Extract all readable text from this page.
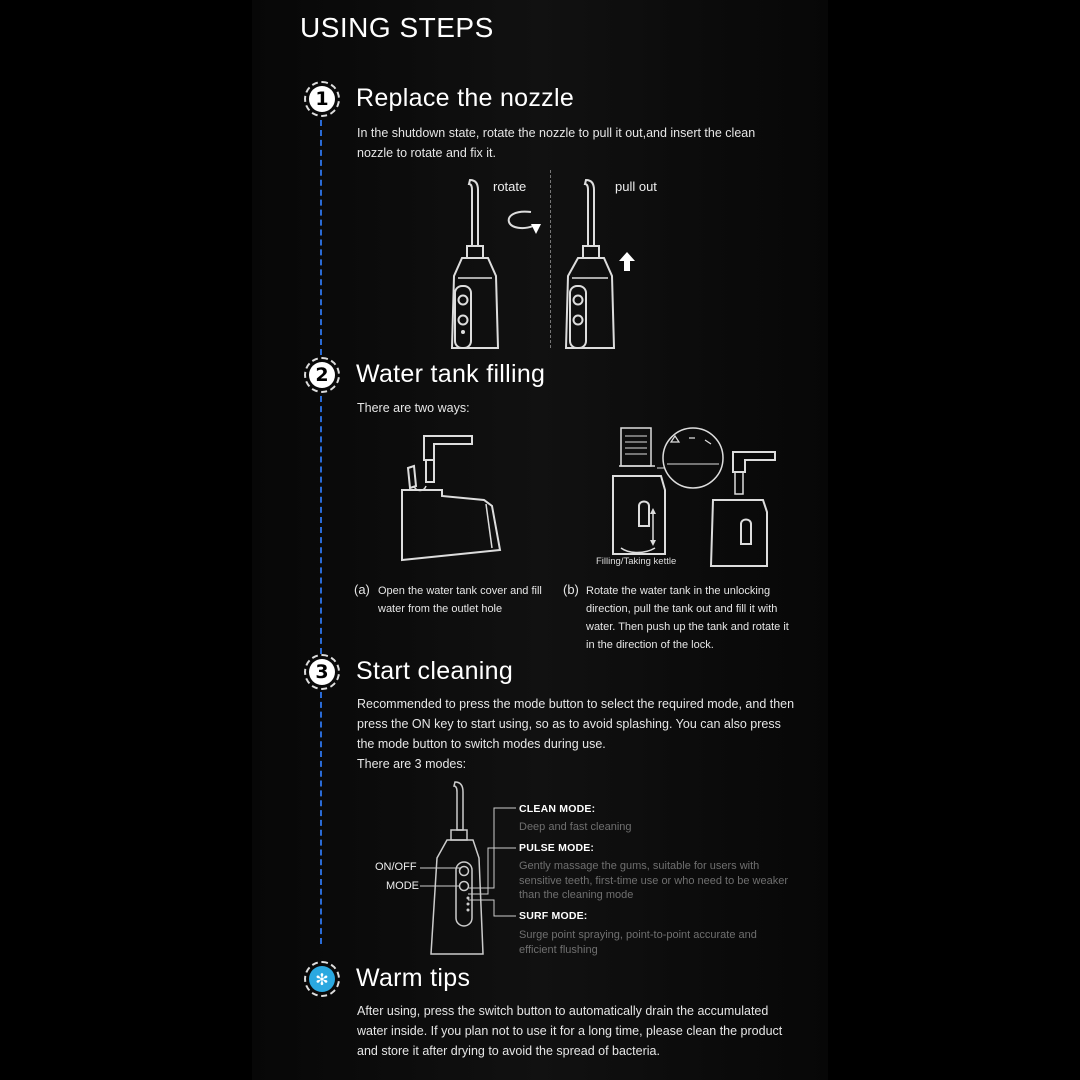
USING STEPS
1 Replace the nozzle
In the shutdown state, rotate the nozzle to pull it out,and insert the clean nozzle to rotate and fix it.
rotate	pull out
2 Water tank filling
There are two ways:
Filling/Taking kettle
(a) Open the water tank cover and fill water from the outlet hole
(b) Rotate the water tank in the unlocking direction, pull the tank out and fill it with water. Then push up the tank and rotate it in the direction of the lock.
3 Start cleaning
Recommended to press the mode button to select the required mode, and then press the ON key to start using, so as to avoid splashing. You can also press the mode button to switch modes during use.
There are 3 modes:
ON/OFF
MODE
CLEAN MODE:
Deep and fast cleaning
PULSE MODE:
Gently massage the gums, suitable for users with sensitive teeth, first-time use or who need to be weaker than the cleaning mode
SURF MODE:
Surge point spraying, point-to-point accurate and efficient flushing
✻ Warm tips
After using, press the switch button to automatically drain the accumulated water inside. If you plan not to use it for a long time, please clean the product and store it after drying to avoid the spread of bacteria.
